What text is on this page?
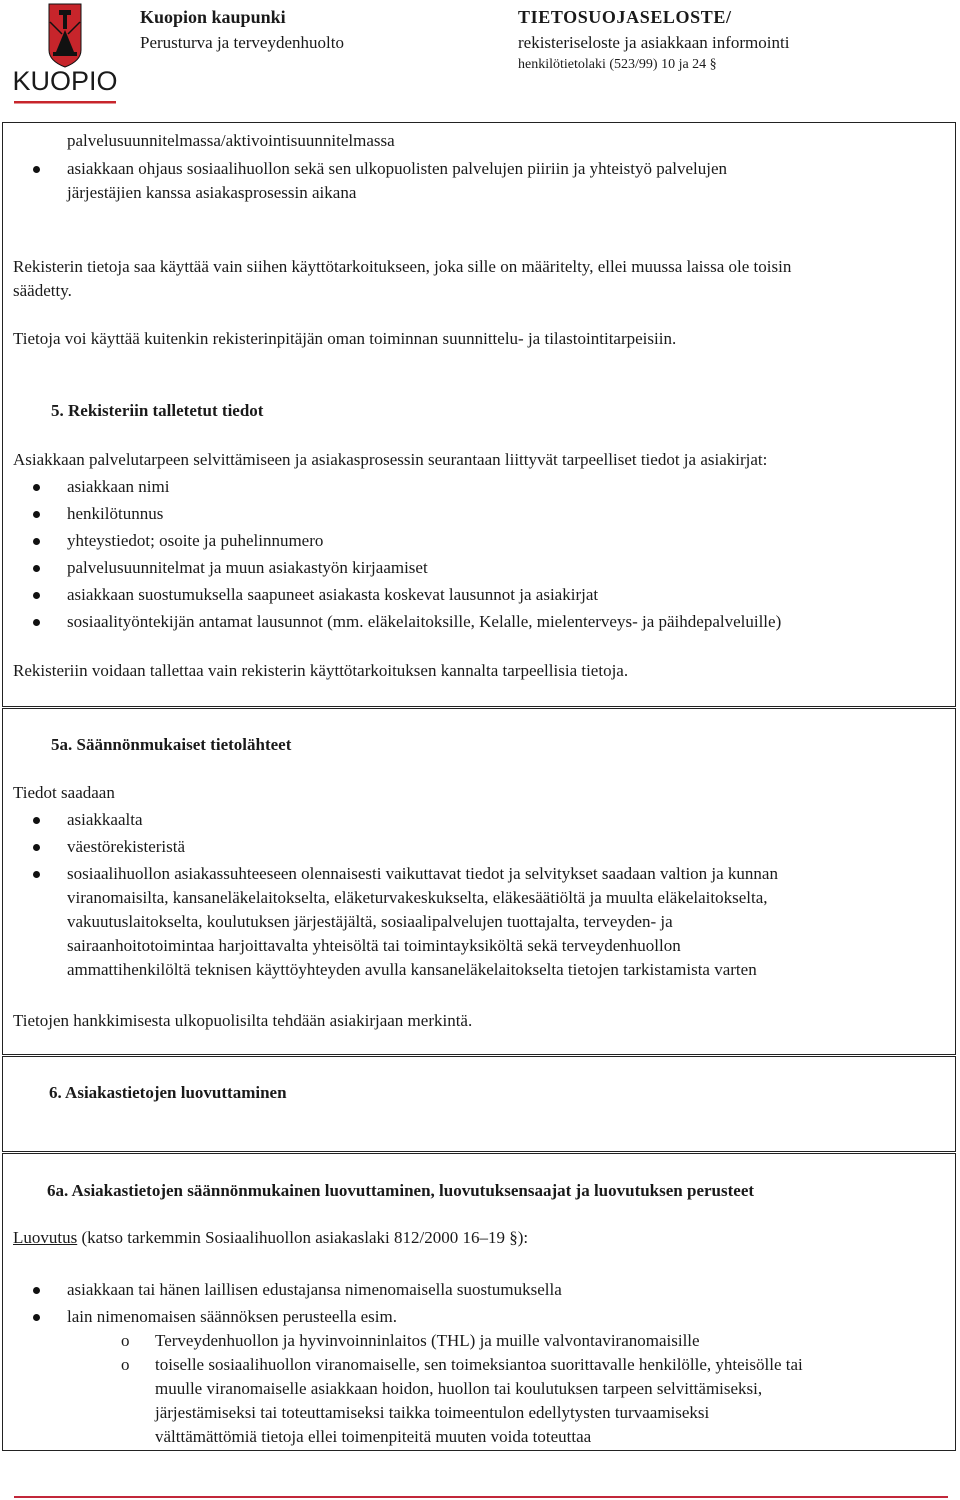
KUOPIO
Kuopion kaupunki
Perusturva ja terveydenhuolto
TIETOSUOJASELOSTE/
rekisteriseloste ja asiakkaan informointi
henkilötietolaki (523/99) 10 ja 24 §
palvelusuunnitelmassa/aktivointisuunnitelmassa
asiakkaan ohjaus sosiaalihuollon sekä sen ulkopuolisten palvelujen piiriin ja yhteistyö palvelujen
järjestäjien kanssa asiakasprosessin aikana
Rekisterin tietoja saa käyttää vain siihen käyttötarkoitukseen, joka sille on määritelty, ellei muussa laissa ole toisin
säädetty.
Tietoja voi käyttää kuitenkin rekisterinpitäjän oman toiminnan suunnittelu- ja tilastointitarpeisiin.
5. Rekisteriin talletetut tiedot
Asiakkaan palvelutarpeen selvittämiseen ja asiakasprosessin seurantaan liittyvät tarpeelliset tiedot ja asiakirjat:
asiakkaan nimi
henkilötunnus
yhteystiedot; osoite ja puhelinnumero
palvelusuunnitelmat ja muun asiakastyön kirjaamiset
asiakkaan suostumuksella saapuneet asiakasta koskevat lausunnot ja asiakirjat
sosiaalityöntekijän antamat lausunnot (mm. eläkelaitoksille, Kelalle, mielenterveys- ja päihdepalveluille)
Rekisteriin voidaan tallettaa vain rekisterin käyttötarkoituksen kannalta tarpeellisia tietoja.
5a. Säännönmukaiset tietolähteet
Tiedot saadaan
asiakkaalta
väestörekisteristä
sosiaalihuollon asiakassuhteeseen olennaisesti vaikuttavat tiedot ja selvitykset saadaan valtion ja kunnan
viranomaisilta, kansaneläkelaitokselta, eläketurvakeskukselta, eläkesäätiöltä ja muulta eläkelaitokselta,
vakuutuslaitokselta, koulutuksen järjestäjältä, sosiaalipalvelujen tuottajalta, terveyden- ja
sairaanhoitotoimintaa harjoittavalta yhteisöltä tai toimintayksiköltä sekä terveydenhuollon
ammattihenkilöltä teknisen käyttöyhteyden avulla kansaneläkelaitokselta tietojen tarkistamista varten
Tietojen hankkimisesta ulkopuolisilta tehdään asiakirjaan merkintä.
6. Asiakastietojen luovuttaminen
6a. Asiakastietojen säännönmukainen luovuttaminen, luovutuksensaajat ja luovutuksen perusteet
Luovutus (katso tarkemmin Sosiaalihuollon asiakaslaki 812/2000 16–19 §):
asiakkaan tai hänen laillisen edustajansa nimenomaisella suostumuksella
lain nimenomaisen säännöksen perusteella esim.
o Terveydenhuollon ja hyvinvoinninlaitos (THL) ja muille valvontaviranomaisille
o toiselle sosiaalihuollon viranomaiselle, sen toimeksiantoa suorittavalle henkilölle, yhteisölle tai
muulle viranomaiselle asiakkaan hoidon, huollon tai koulutuksen tarpeen selvittämiseksi,
järjestämiseksi tai toteuttamiseksi taikka toimeentulon edellytysten turvaamiseksi
välttämättömiä tietoja ellei toimenpiteitä muuten voida toteuttaa
